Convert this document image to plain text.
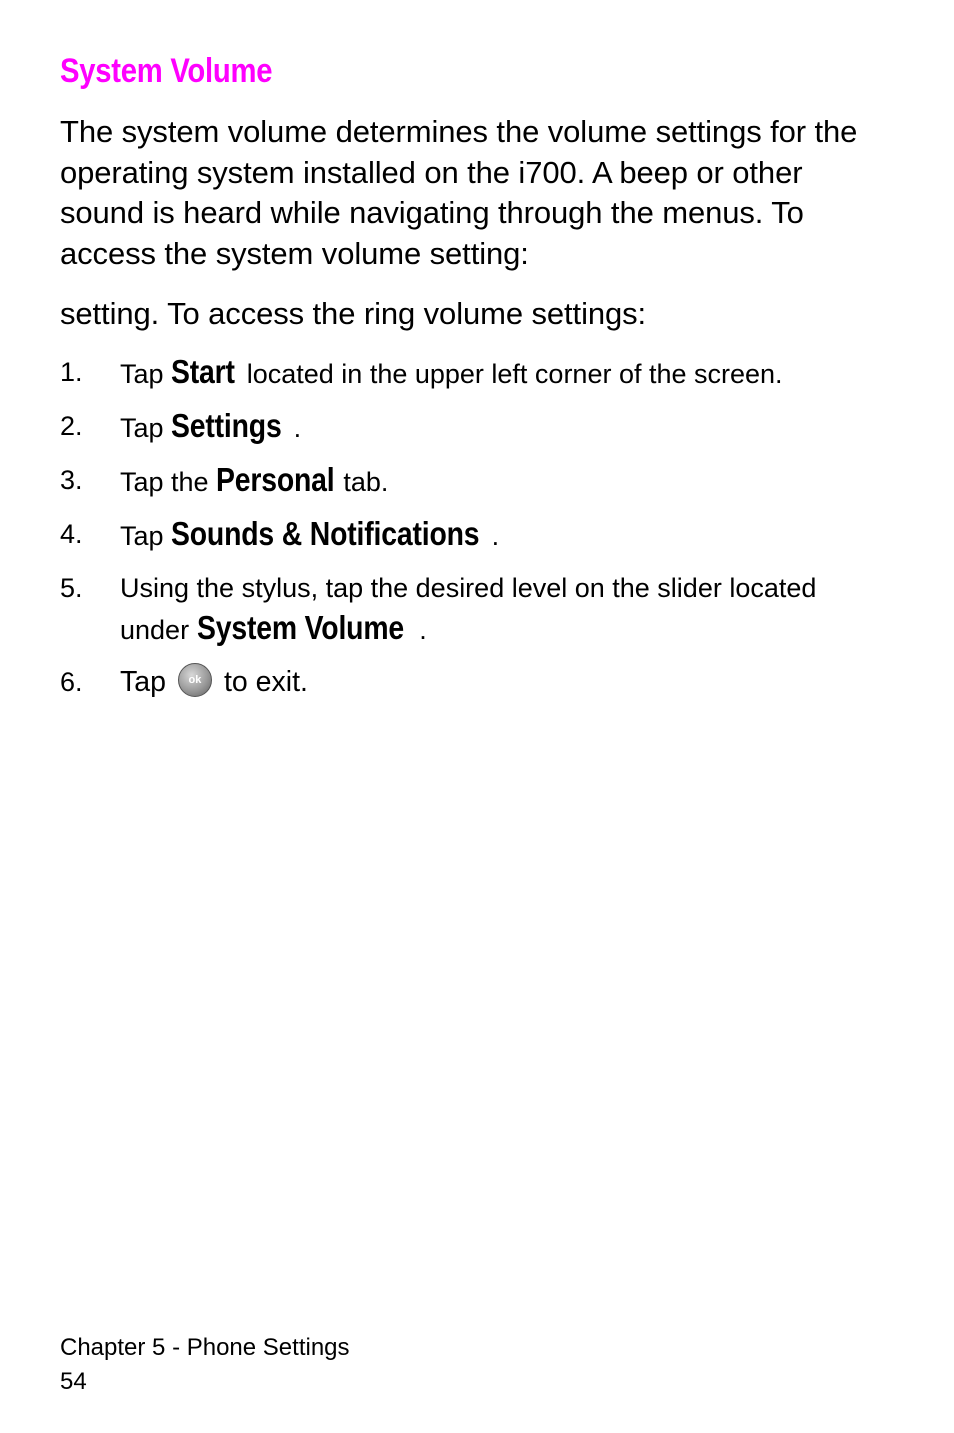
System Volume

The system volume determines the volume settings for the operating system installed on the i700. A beep or other sound is heard while navigating through the menus. To access the system volume setting:

setting. To access the ring volume settings:

1.	Tap Start located in the upper left corner of the screen.
2.	Tap Settings .
3.	Tap the Personal tab.
4.	Tap Sounds & Notifications .
5.	Using the stylus, tap the desired level on the slider located under System Volume .
6.	Tap ok to exit.
Chapter 5 - Phone Settings
54
